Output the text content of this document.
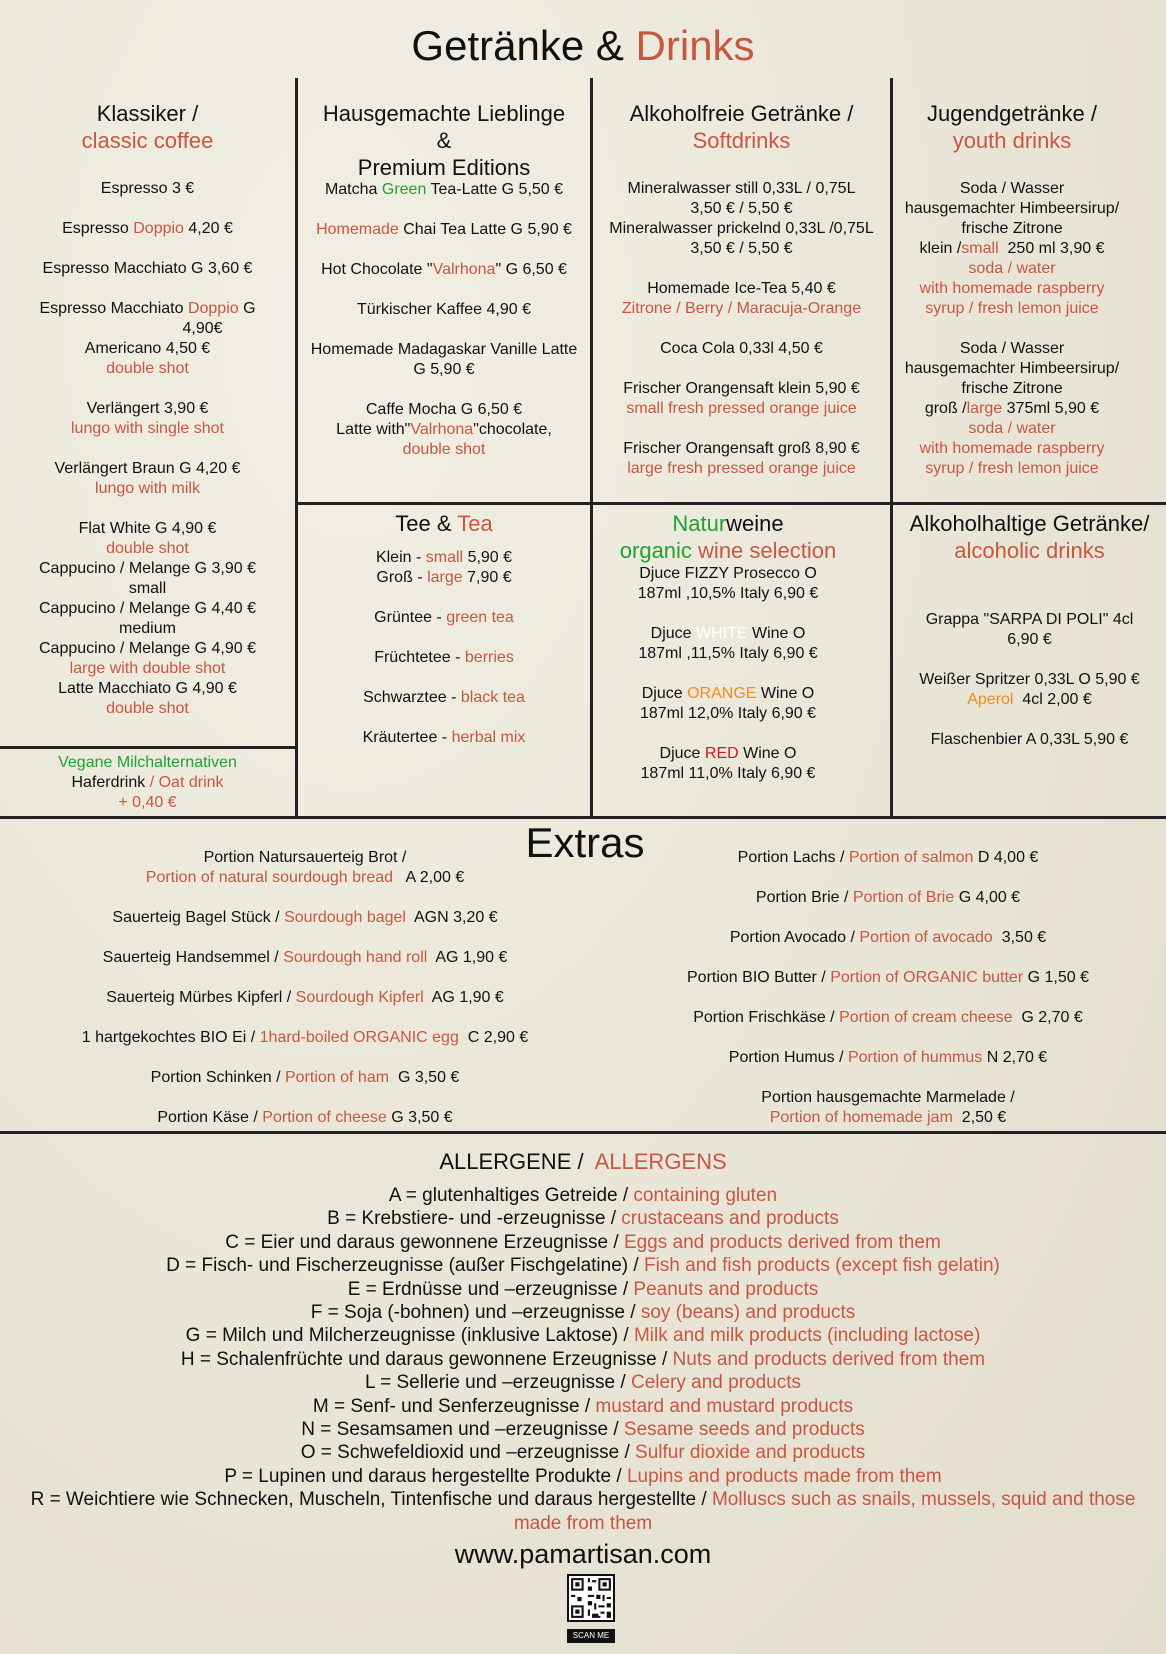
Getränke & Drinks

Klassiker /

classic coffee

Espresso 3 €

Espresso Doppio 4,20 €

Espresso Macchiato G 3,60 €

Espresso Macchiato Doppio G

4,90€

Americano 4,50 €

double shot

Verlängert 3,90 €

lungo with single shot

Verlängert Braun G 4,20 €

lungo with milk

Flat White G 4,90 €

double shot

Cappucino / Melange G 3,90 €

small

Cappucino / Melange G 4,40 €

medium

Cappucino / Melange G 4,90 €

large with double shot

Latte Macchiato G 4,90 €

double shot

Vegane Milchalternativen

Haferdrink / Oat drink

+ 0,40 €

Hausgemachte Lieblinge

&

Premium Editions

Matcha Green Tea-Latte G 5,50 €

Homemade Chai Tea Latte G 5,90 €

Hot Chocolate "Valrhona" G 6,50 €

Türkischer Kaffee 4,90 €

Homemade Madagaskar Vanille Latte

G 5,90 €

Caffe Mocha G 6,50 €

Latte with"Valrhona"chocolate,

double shot

Alkoholfreie Getränke /

Softdrinks

Mineralwasser still 0,33L / 0,75L

3,50 € / 5,50 €

Mineralwasser prickelnd 0,33L /0,75L

3,50 € / 5,50 €

Homemade Ice-Tea 5,40 €

Zitrone / Berry / Maracuja-Orange

Coca Cola 0,33l 4,50 €

Frischer Orangensaft klein 5,90 €

small fresh pressed orange juice

Frischer Orangensaft groß 8,90 €

large fresh pressed orange juice

Jugendgetränke /

youth drinks

Soda / Wasser

hausgemachter Himbeersirup/

frische Zitrone

klein /small 250 ml 3,90 €

soda / water

with homemade raspberry

syrup / fresh lemon juice

Soda / Wasser

hausgemachter Himbeersirup/

frische Zitrone

groß /large 375ml 5,90 €

soda / water

with homemade raspberry

syrup / fresh lemon juice

Tee & Tea

Klein - small 5,90 €

Groß - large 7,90 €

Grüntee - green tea

Früchtetee - berries

Schwarztee - black tea

Kräutertee - herbal mix

Naturweine

organic wine selection

Djuce FIZZY Prosecco O

187ml ,10,5% Italy 6,90 €

Djuce WHITE Wine O

187ml ,11,5% Italy 6,90 €

Djuce ORANGE Wine O

187ml 12,0% Italy 6,90 €

Djuce RED Wine O

187ml 11,0% Italy 6,90 €

Alkoholhaltige Getränke/

alcoholic drinks

Grappa "SARPA DI POLI" 4cl

6,90 €

Weißer Spritzer 0,33L O 5,90 €

Aperol 4cl 2,00 €

Flaschenbier A 0,33L 5,90 €

Extras

Portion Natursauerteig Brot /

Portion of natural sourdough bread A 2,00 €

Sauerteig Bagel Stück / Sourdough bagel AGN 3,20 €

Sauerteig Handsemmel / Sourdough hand roll AG 1,90 €

Sauerteig Mürbes Kipferl / Sourdough Kipferl AG 1,90 €

1 hartgekochtes BIO Ei / 1hard-boiled ORGANIC egg C 2,90 €

Portion Schinken / Portion of ham G 3,50 €

Portion Käse / Portion of cheese G 3,50 €

Portion Lachs / Portion of salmon D 4,00 €

Portion Brie / Portion of Brie G 4,00 €

Portion Avocado / Portion of avocado 3,50 €

Portion BIO Butter / Portion of ORGANIC butter G 1,50 €

Portion Frischkäse / Portion of cream cheese G 2,70 €

Portion Humus / Portion of hummus N 2,70 €

Portion hausgemachte Marmelade /

Portion of homemade jam 2,50 €

ALLERGENE / ALLERGENS

A = glutenhaltiges Getreide / containing gluten

B = Krebstiere- und -erzeugnisse / crustaceans and products

C = Eier und daraus gewonnene Erzeugnisse / Eggs and products derived from them

D = Fisch- und Fischerzeugnisse (außer Fischgelatine) / Fish and fish products (except fish gelatin)

E = Erdnüsse und –erzeugnisse / Peanuts and products

F = Soja (-bohnen) und –erzeugnisse / soy (beans) and products

G = Milch und Milcherzeugnisse (inklusive Laktose) / Milk and milk products (including lactose)

H = Schalenfrüchte und daraus gewonnene Erzeugnisse / Nuts and products derived from them

L = Sellerie und –erzeugnisse / Celery and products

M = Senf- und Senferzeugnisse / mustard and mustard products

N = Sesamsamen und –erzeugnisse / Sesame seeds and products

O = Schwefeldioxid und –erzeugnisse / Sulfur dioxide and products

P = Lupinen und daraus hergestellte Produkte / Lupins and products made from them

R = Weichtiere wie Schnecken, Muscheln, Tintenfische und daraus hergestellte / Molluscs such as snails, mussels, squid and those made from them

www.pamartisan.com
SCAN ME
